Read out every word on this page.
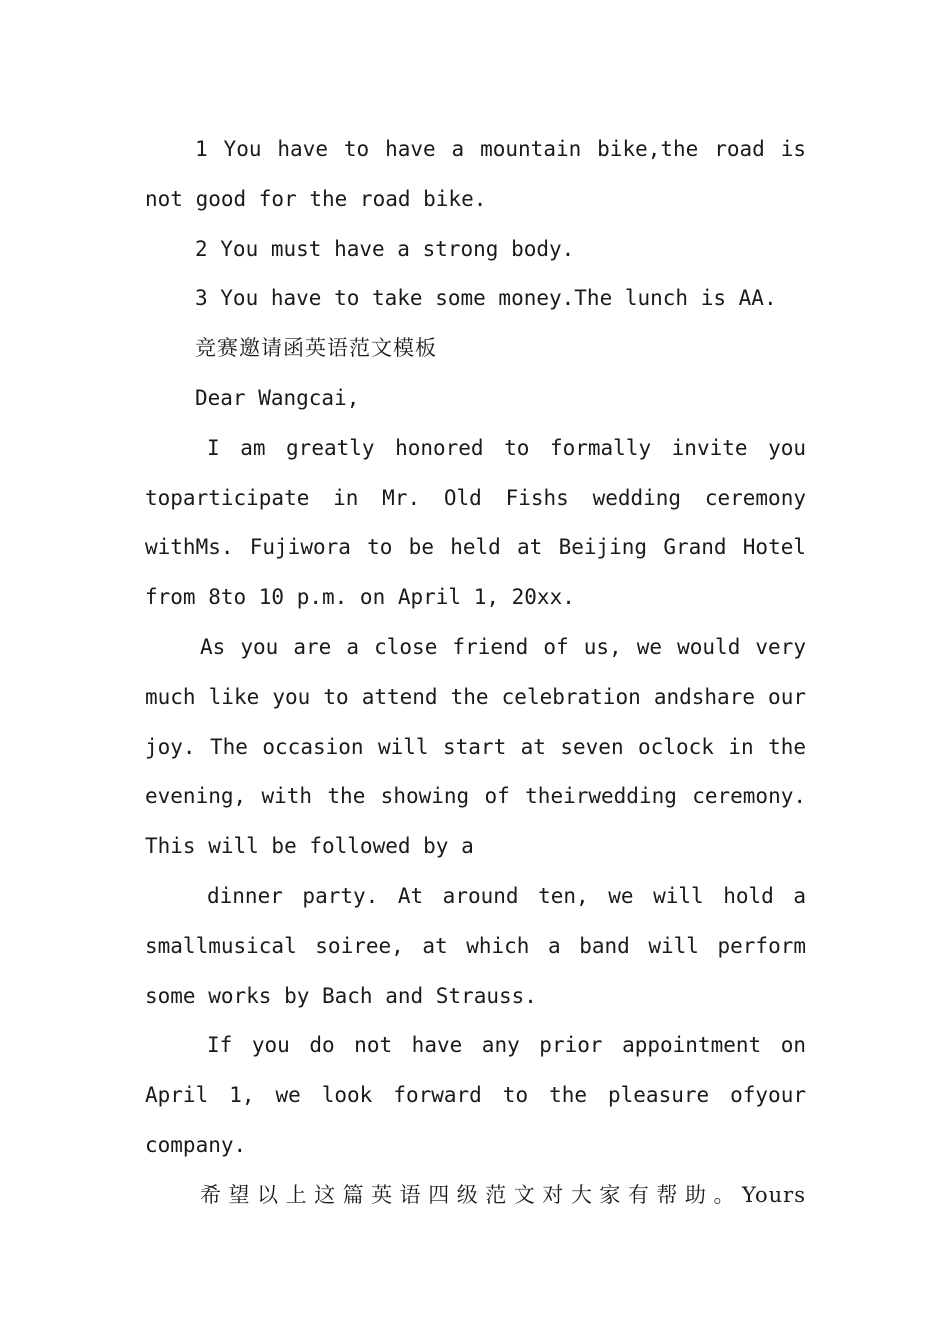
1 You have to have a mountain bike,the road is not good for the road bike.

2 You must have a strong body.

3 You have to take some money.The lunch is AA.

竞赛邀请函英语范文模板

Dear Wangcai,

I am greatly honored to formally invite you toparticipate in Mr. Old Fishs wedding ceremony withMs. Fujiwora to be held at Beijing Grand Hotel from 8to 10 p.m. on April 1, 20xx.

As you are a close friend of us, we would very much like you to attend the celebration andshare our joy. The occasion will start at seven oclock in the evening, with the showing of theirwedding ceremony. This will be followed by a

dinner party. At around ten, we will hold a smallmusical soiree, at which a band will perform some works by Bach and Strauss.

If you do not have any prior appointment on April 1, we look forward to the pleasure ofyour company.

希望以上这篇英语四级范文对大家有帮助。Yours
